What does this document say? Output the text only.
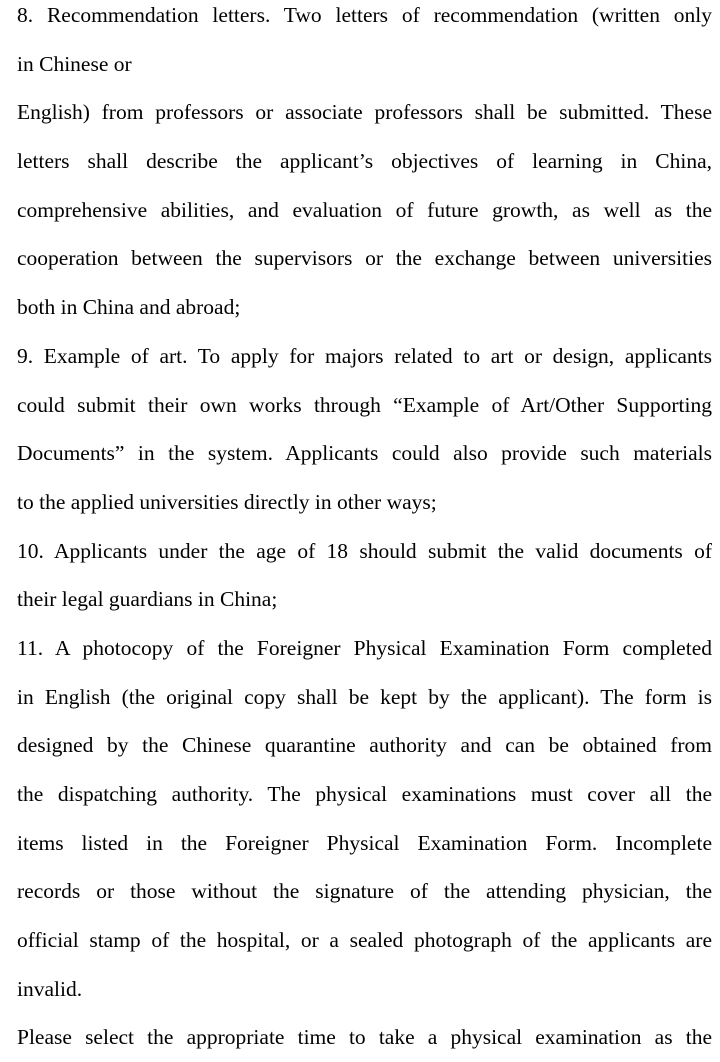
8. Recommendation letters. Two letters of recommendation (written only
in Chinese or
English) from professors or associate professors shall be submitted. These
letters shall describe the applicant’s objectives of learning in China,
comprehensive abilities, and evaluation of future growth, as well as the
cooperation between the supervisors or the exchange between universities
both in China and abroad;
9. Example of art. To apply for majors related to art or design, applicants
could submit their own works through “Example of Art/Other Supporting
Documents” in the system. Applicants could also provide such materials
to the applied universities directly in other ways;
10. Applicants under the age of 18 should submit the valid documents of
their legal guardians in China;
11. A photocopy of the Foreigner Physical Examination Form completed
in English (the original copy shall be kept by the applicant). The form is
designed by the Chinese quarantine authority and can be obtained from
the dispatching authority. The physical examinations must cover all the
items listed in the Foreigner Physical Examination Form. Incomplete
records or those without the signature of the attending physician, the
official stamp of the hospital, or a sealed photograph of the applicants are
invalid.
Please select the appropriate time to take a physical examination as the
